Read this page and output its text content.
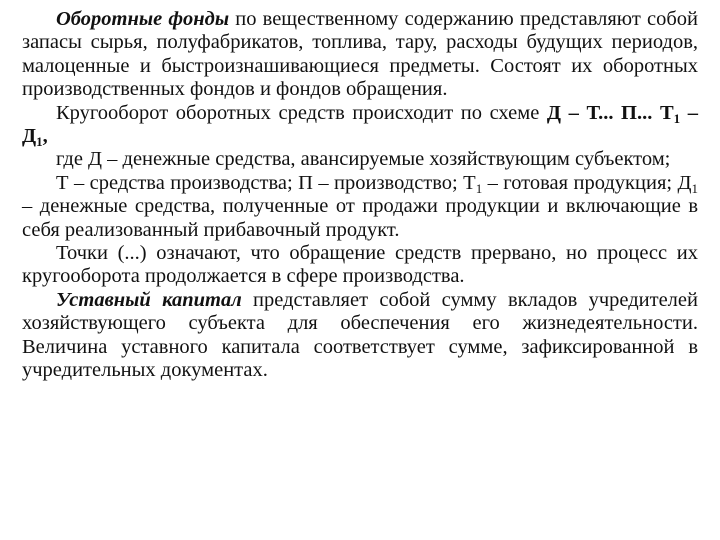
Оборотные фонды по вещественному содержанию представляют собой запасы сырья, полуфабрикатов, топлива, тару, расходы будущих периодов, малоценные и быстроизнашивающиеся предметы. Состоят их оборотных производственных фондов и фондов обращения.

Кругооборот оборотных средств происходит по схеме Д – Т... П... $Т_1 - Д_1$,

где Д – денежные средства, авансируемые хозяйствующим субъектом;

Т – средства производства; П – производство; $Т_1$ – готовая продукция; $Д_1$ – денежные средства, полученные от продажи продукции и включающие в себя реализованный прибавочный продукт.

Точки (...) означают, что обращение средств прервано, но процесс их кругооборота продолжается в сфере производства.

Уставный капитал представляет собой сумму вкладов учредителей хозяйствующего субъекта для обеспечения его жизнедеятельности. Величина уставного капитала соответствует сумме, зафиксированной в учредительных документах.
